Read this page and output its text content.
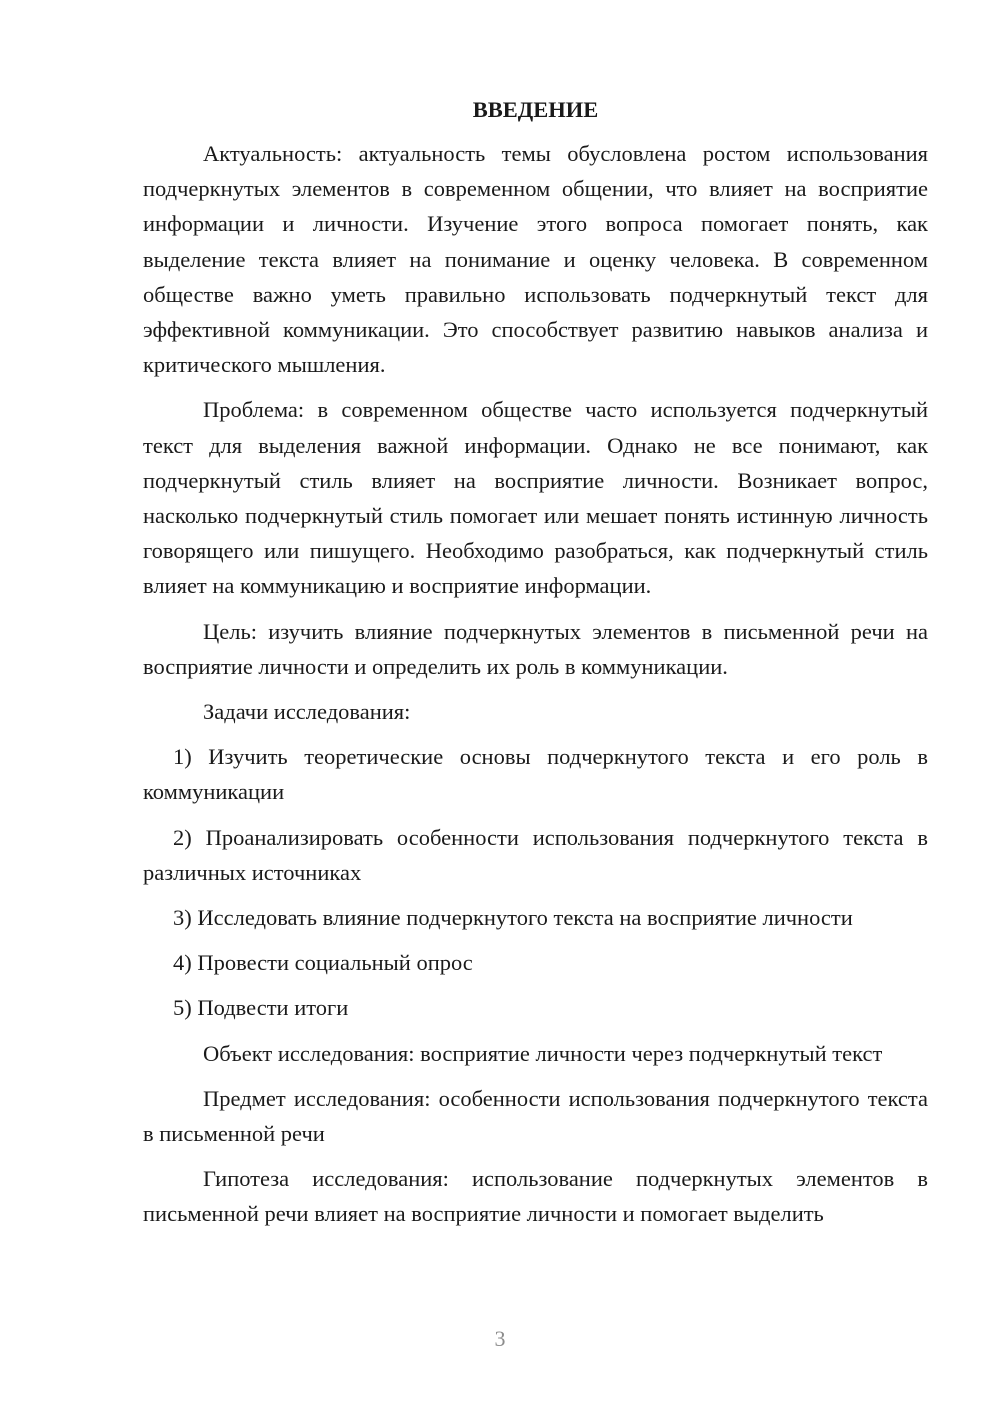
ВВЕДЕНИЕ

Актуальность: актуальность темы обусловлена ростом использования подчеркнутых элементов в современном общении, что влияет на восприятие информации и личности. Изучение этого вопроса помогает понять, как выделение текста влияет на понимание и оценку человека. В современном обществе важно уметь правильно использовать подчеркнутый текст для эффективной коммуникации. Это способствует развитию навыков анализа и критического мышления.

Проблема: в современном обществе часто используется подчеркнутый текст для выделения важной информации. Однако не все понимают, как подчеркнутый стиль влияет на восприятие личности. Возникает вопрос, насколько подчеркнутый стиль помогает или мешает понять истинную личность говорящего или пишущего. Необходимо разобраться, как подчеркнутый стиль влияет на коммуникацию и восприятие информации.

Цель: изучить влияние подчеркнутых элементов в письменной речи на восприятие личности и определить их роль в коммуникации.

Задачи исследования:

1) Изучить теоретические основы подчеркнутого текста и его роль в коммуникации

2) Проанализировать особенности использования подчеркнутого текста в различных источниках

3) Исследовать влияние подчеркнутого текста на восприятие личности

4) Провести социальный опрос

5) Подвести итоги

Объект исследования: восприятие личности через подчеркнутый текст

Предмет исследования: особенности использования подчеркнутого текста в письменной речи

Гипотеза исследования: использование подчеркнутых элементов в письменной речи влияет на восприятие личности и помогает выделить

3
